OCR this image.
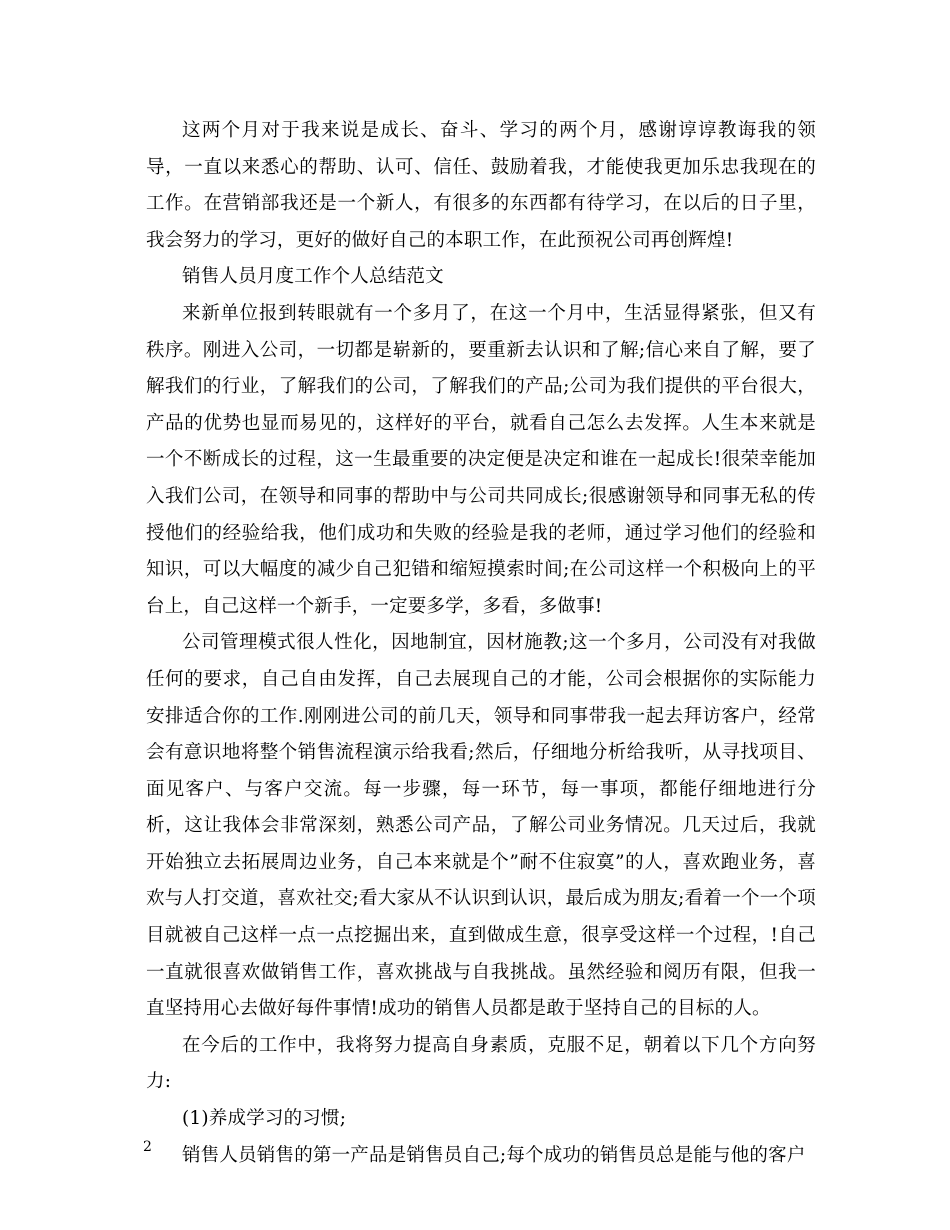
这两个月对于我来说是成长、奋斗、学习的两个月，感谢谆谆教诲我的领导，一直以来悉心的帮助、认可、信任、鼓励着我，才能使我更加乐忠我现在的工作。在营销部我还是一个新人，有很多的东西都有待学习，在以后的日子里，我会努力的学习，更好的做好自己的本职工作，在此预祝公司再创辉煌!

销售人员月度工作个人总结范文

来新单位报到转眼就有一个多月了，在这一个月中，生活显得紧张，但又有秩序。刚进入公司，一切都是崭新的，要重新去认识和了解;信心来自了解，要了解我们的行业，了解我们的公司，了解我们的产品;公司为我们提供的平台很大，产品的优势也显而易见的，这样好的平台，就看自己怎么去发挥。人生本来就是一个不断成长的过程，这一生最重要的决定便是决定和谁在一起成长!很荣幸能加入我们公司，在领导和同事的帮助中与公司共同成长;很感谢领导和同事无私的传授他们的经验给我，他们成功和失败的经验是我的老师，通过学习他们的经验和知识，可以大幅度的减少自己犯错和缩短摸索时间;在公司这样一个积极向上的平台上，自己这样一个新手，一定要多学，多看，多做事!

公司管理模式很人性化，因地制宜，因材施教;这一个多月，公司没有对我做任何的要求，自己自由发挥，自己去展现自己的才能，公司会根据你的实际能力安排适合你的工作.刚刚进公司的前几天，领导和同事带我一起去拜访客户，经常会有意识地将整个销售流程演示给我看;然后，仔细地分析给我听，从寻找项目、面见客户、与客户交流。每一步骤，每一环节，每一事项，都能仔细地进行分析，这让我体会非常深刻，熟悉公司产品，了解公司业务情况。几天过后，我就开始独立去拓展周边业务，自己本来就是个”耐不住寂寞”的人，喜欢跑业务，喜欢与人打交道，喜欢社交;看大家从不认识到认识，最后成为朋友;看着一个一个项目就被自己这样一点一点挖掘出来，直到做成生意，很享受这样一个过程，!自己一直就很喜欢做销售工作，喜欢挑战与自我挑战。虽然经验和阅历有限，但我一直坚持用心去做好每件事情!成功的销售人员都是敢于坚持自己的目标的人。

在今后的工作中，我将努力提高自身素质，克服不足，朝着以下几个方向努力:

(1)养成学习的习惯;

销售人员销售的第一产品是销售员自己;每个成功的销售员总是能与他的客户

2
